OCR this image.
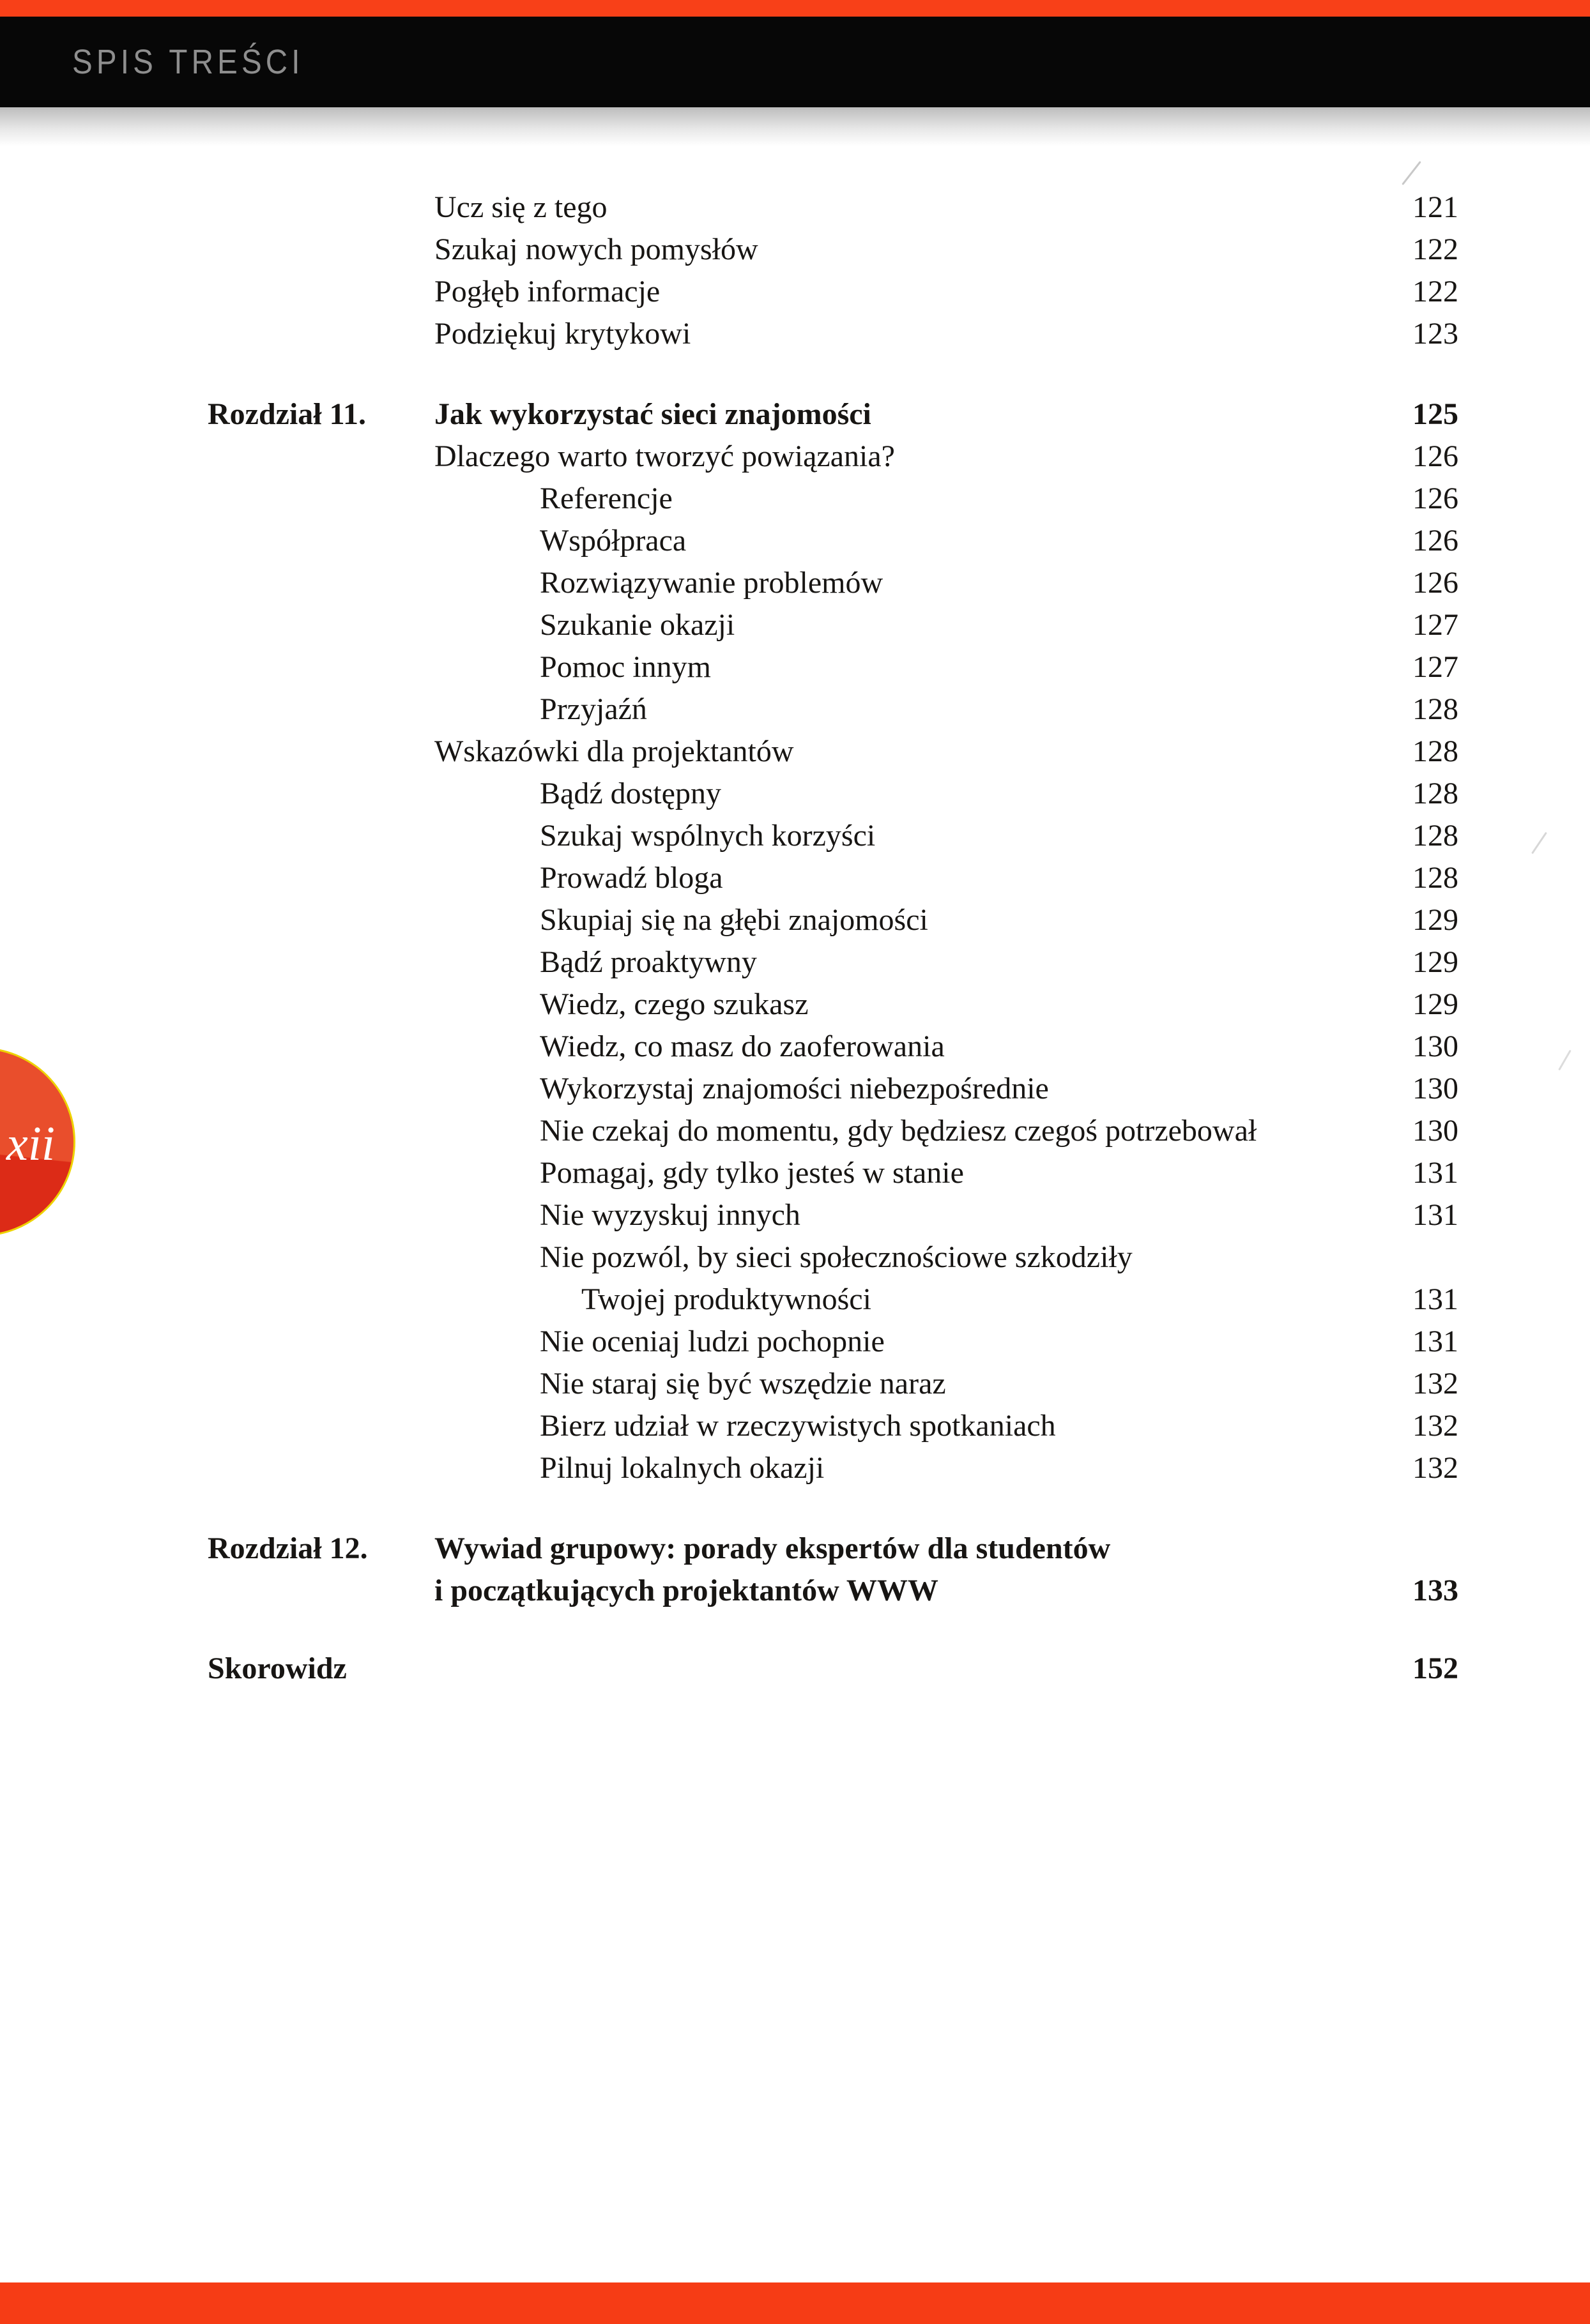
SPIS TREŚCI
xii
Ucz się z tego	121
Szukaj nowych pomysłów	122
Pogłęb informacje	122
Podziękuj krytykowi	123
Rozdział 11.	Jak wykorzystać sieci znajomości	125
Dlaczego warto tworzyć powiązania?	126
Referencje	126
Współpraca	126
Rozwiązywanie problemów	126
Szukanie okazji	127
Pomoc innym	127
Przyjaźń	128
Wskazówki dla projektantów	128
Bądź dostępny	128
Szukaj wspólnych korzyści	128
Prowadź bloga	128
Skupiaj się na głębi znajomości	129
Bądź proaktywny	129
Wiedz, czego szukasz	129
Wiedz, co masz do zaoferowania	130
Wykorzystaj znajomości niebezpośrednie	130
Nie czekaj do momentu, gdy będziesz czegoś potrzebował	130
Pomagaj, gdy tylko jesteś w stanie	131
Nie wyzyskuj innych	131
Nie pozwól, by sieci społecznościowe szkodziły
Twojej produktywności	131
Nie oceniaj ludzi pochopnie	131
Nie staraj się być wszędzie naraz	132
Bierz udział w rzeczywistych spotkaniach	132
Pilnuj lokalnych okazji	132
Rozdział 12.	Wywiad grupowy: porady ekspertów dla studentów
i początkujących projektantów WWW	133
Skorowidz	152
